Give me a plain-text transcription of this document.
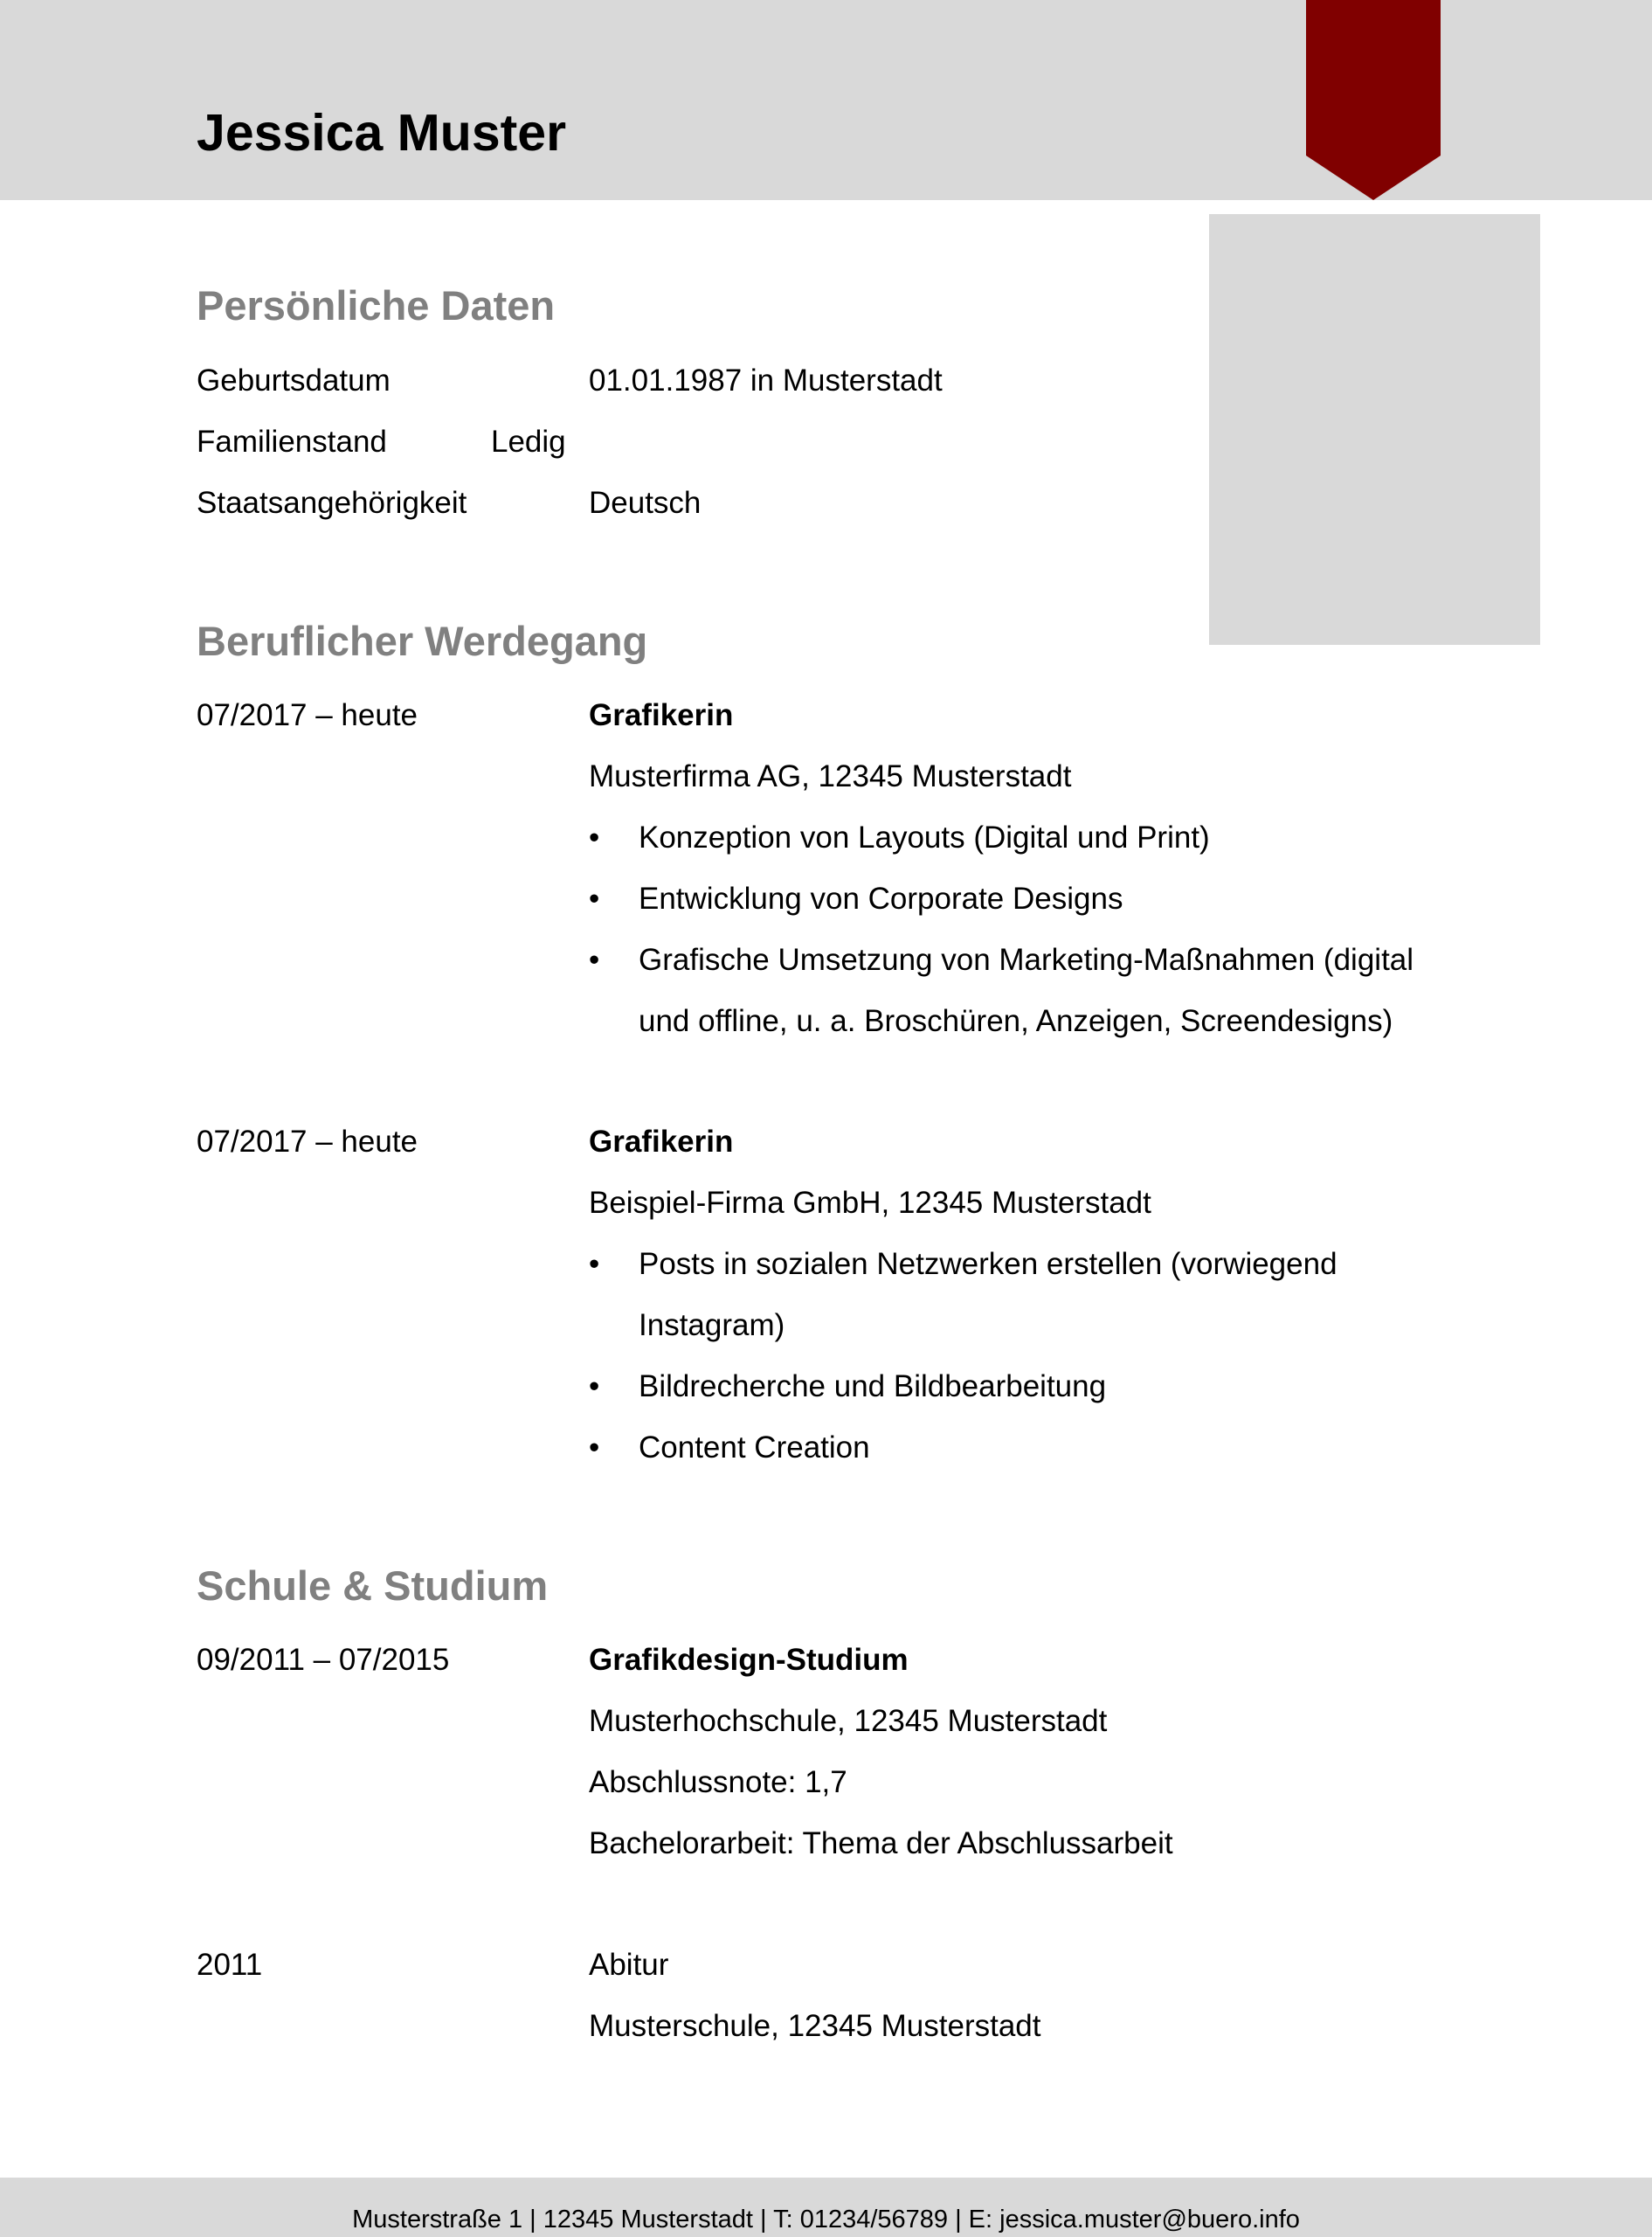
Jessica Muster
Persönliche Daten
Geburtsdatum	01.01.1987 in Musterstadt
Familienstand	Ledig
Staatsangehörigkeit	Deutsch
Beruflicher Werdegang
07/2017 – heute	Grafikerin
Musterfirma AG, 12345 Musterstadt
• Konzeption von Layouts (Digital und Print)
• Entwicklung von Corporate Designs
• Grafische Umsetzung von Marketing-Maßnahmen (digital
und offline, u. a. Broschüren, Anzeigen, Screendesigns)
07/2017 – heute	Grafikerin
Beispiel-Firma GmbH, 12345 Musterstadt
• Posts in sozialen Netzwerken erstellen (vorwiegend
Instagram)
• Bildrecherche und Bildbearbeitung
• Content Creation
Schule & Studium
09/2011 – 07/2015	Grafikdesign-Studium
Musterhochschule, 12345 Musterstadt
Abschlussnote: 1,7
Bachelorarbeit: Thema der Abschlussarbeit
2011	Abitur
Musterschule, 12345 Musterstadt
Musterstraße 1 | 12345 Musterstadt | T: 01234/56789 | E: jessica.muster@buero.info
